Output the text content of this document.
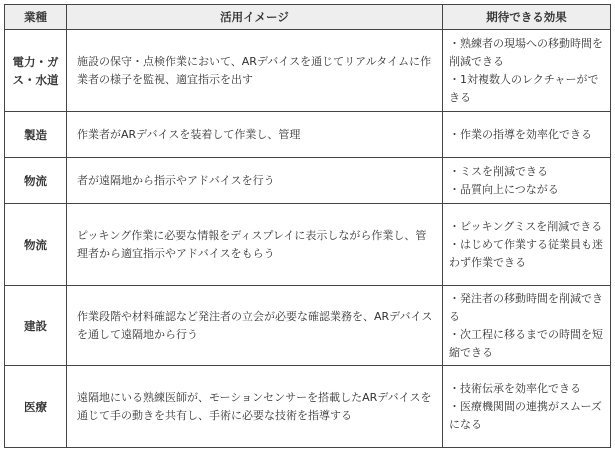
業種	活用イメージ	期待できる効果
電力・ガス・水道	施設の保守・点検作業において、ARデバイスを通じてリアルタイムに作業者の様子を監視、適宜指示を出す	・熟練者の現場への移動時間を削減できる
・1対複数人のレクチャーができる

製造	作業者がARデバイスを装着して作業し、管理	・作業の指導を効率化できる

物流	者が遠隔地から指示やアドバイスを行う	・ミスを削減できる
・品質向上につながる

物流	ピッキング作業に必要な情報をディスプレイに表示しながら作業し、管理者から適宜指示やアドバイスをもらう	・ピッキングミスを削減できる
・はじめて作業する従業員も迷わず作業できる

建設	作業段階や材料確認など発注者の立会が必要な確認業務を、ARデバイスを通して遠隔地から行う	・発注者の移動時間を削減できる
・次工程に移るまでの時間を短縮できる

医療	遠隔地にいる熟練医師が、モーションセンサーを搭載したARデバイスを通じて手の動きを共有し、手術に必要な技術を指導する	・技術伝承を効率化できる
・医療機関間の連携がスムーズになる
